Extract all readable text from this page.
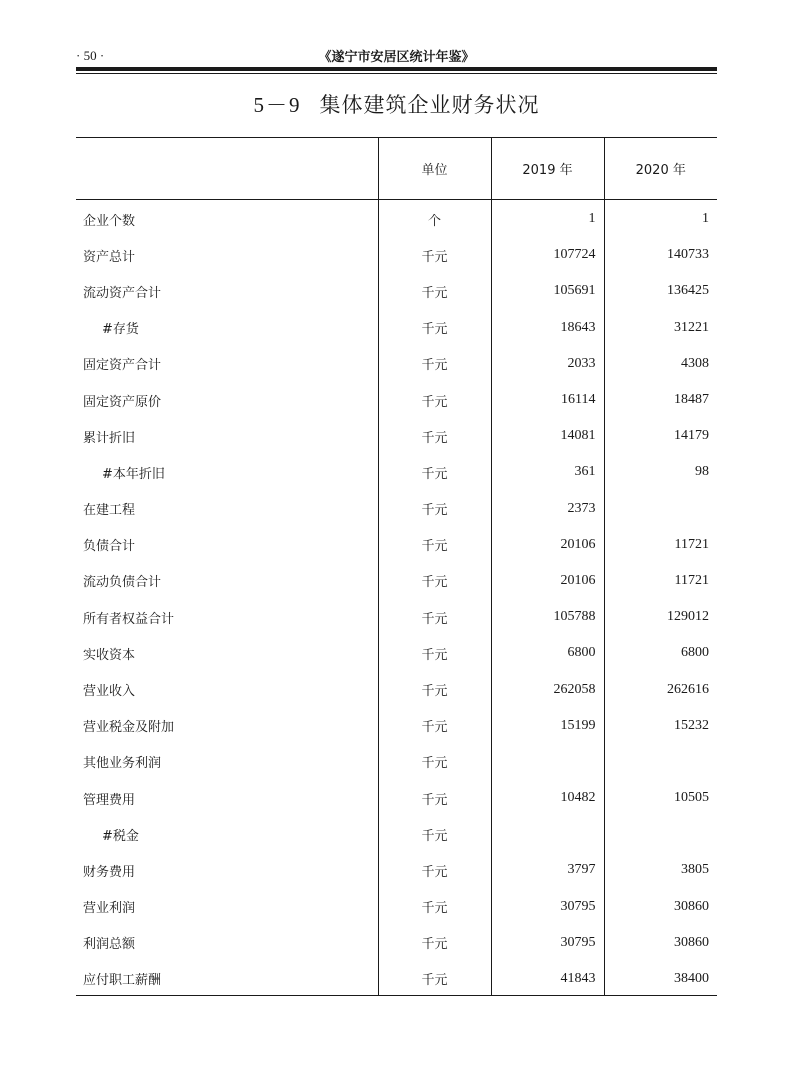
· 50 ·	《遂宁市安居区统计年鉴》
5－9 集体建筑企业财务状况
	单位	2019 年	2020 年
企业个数	个	1	1
资产总计	千元	107724	140733
流动资产合计	千元	105691	136425
#存货	千元	18643	31221
固定资产合计	千元	2033	4308
固定资产原价	千元	16114	18487
累计折旧	千元	14081	14179
#本年折旧	千元	361	98
在建工程	千元	2373	
负债合计	千元	20106	11721
流动负债合计	千元	20106	11721
所有者权益合计	千元	105788	129012
实收资本	千元	6800	6800
营业收入	千元	262058	262616
营业税金及附加	千元	15199	15232
其他业务利润	千元		
管理费用	千元	10482	10505
#税金	千元		
财务费用	千元	3797	3805
营业利润	千元	30795	30860
利润总额	千元	30795	30860
应付职工薪酬	千元	41843	38400
